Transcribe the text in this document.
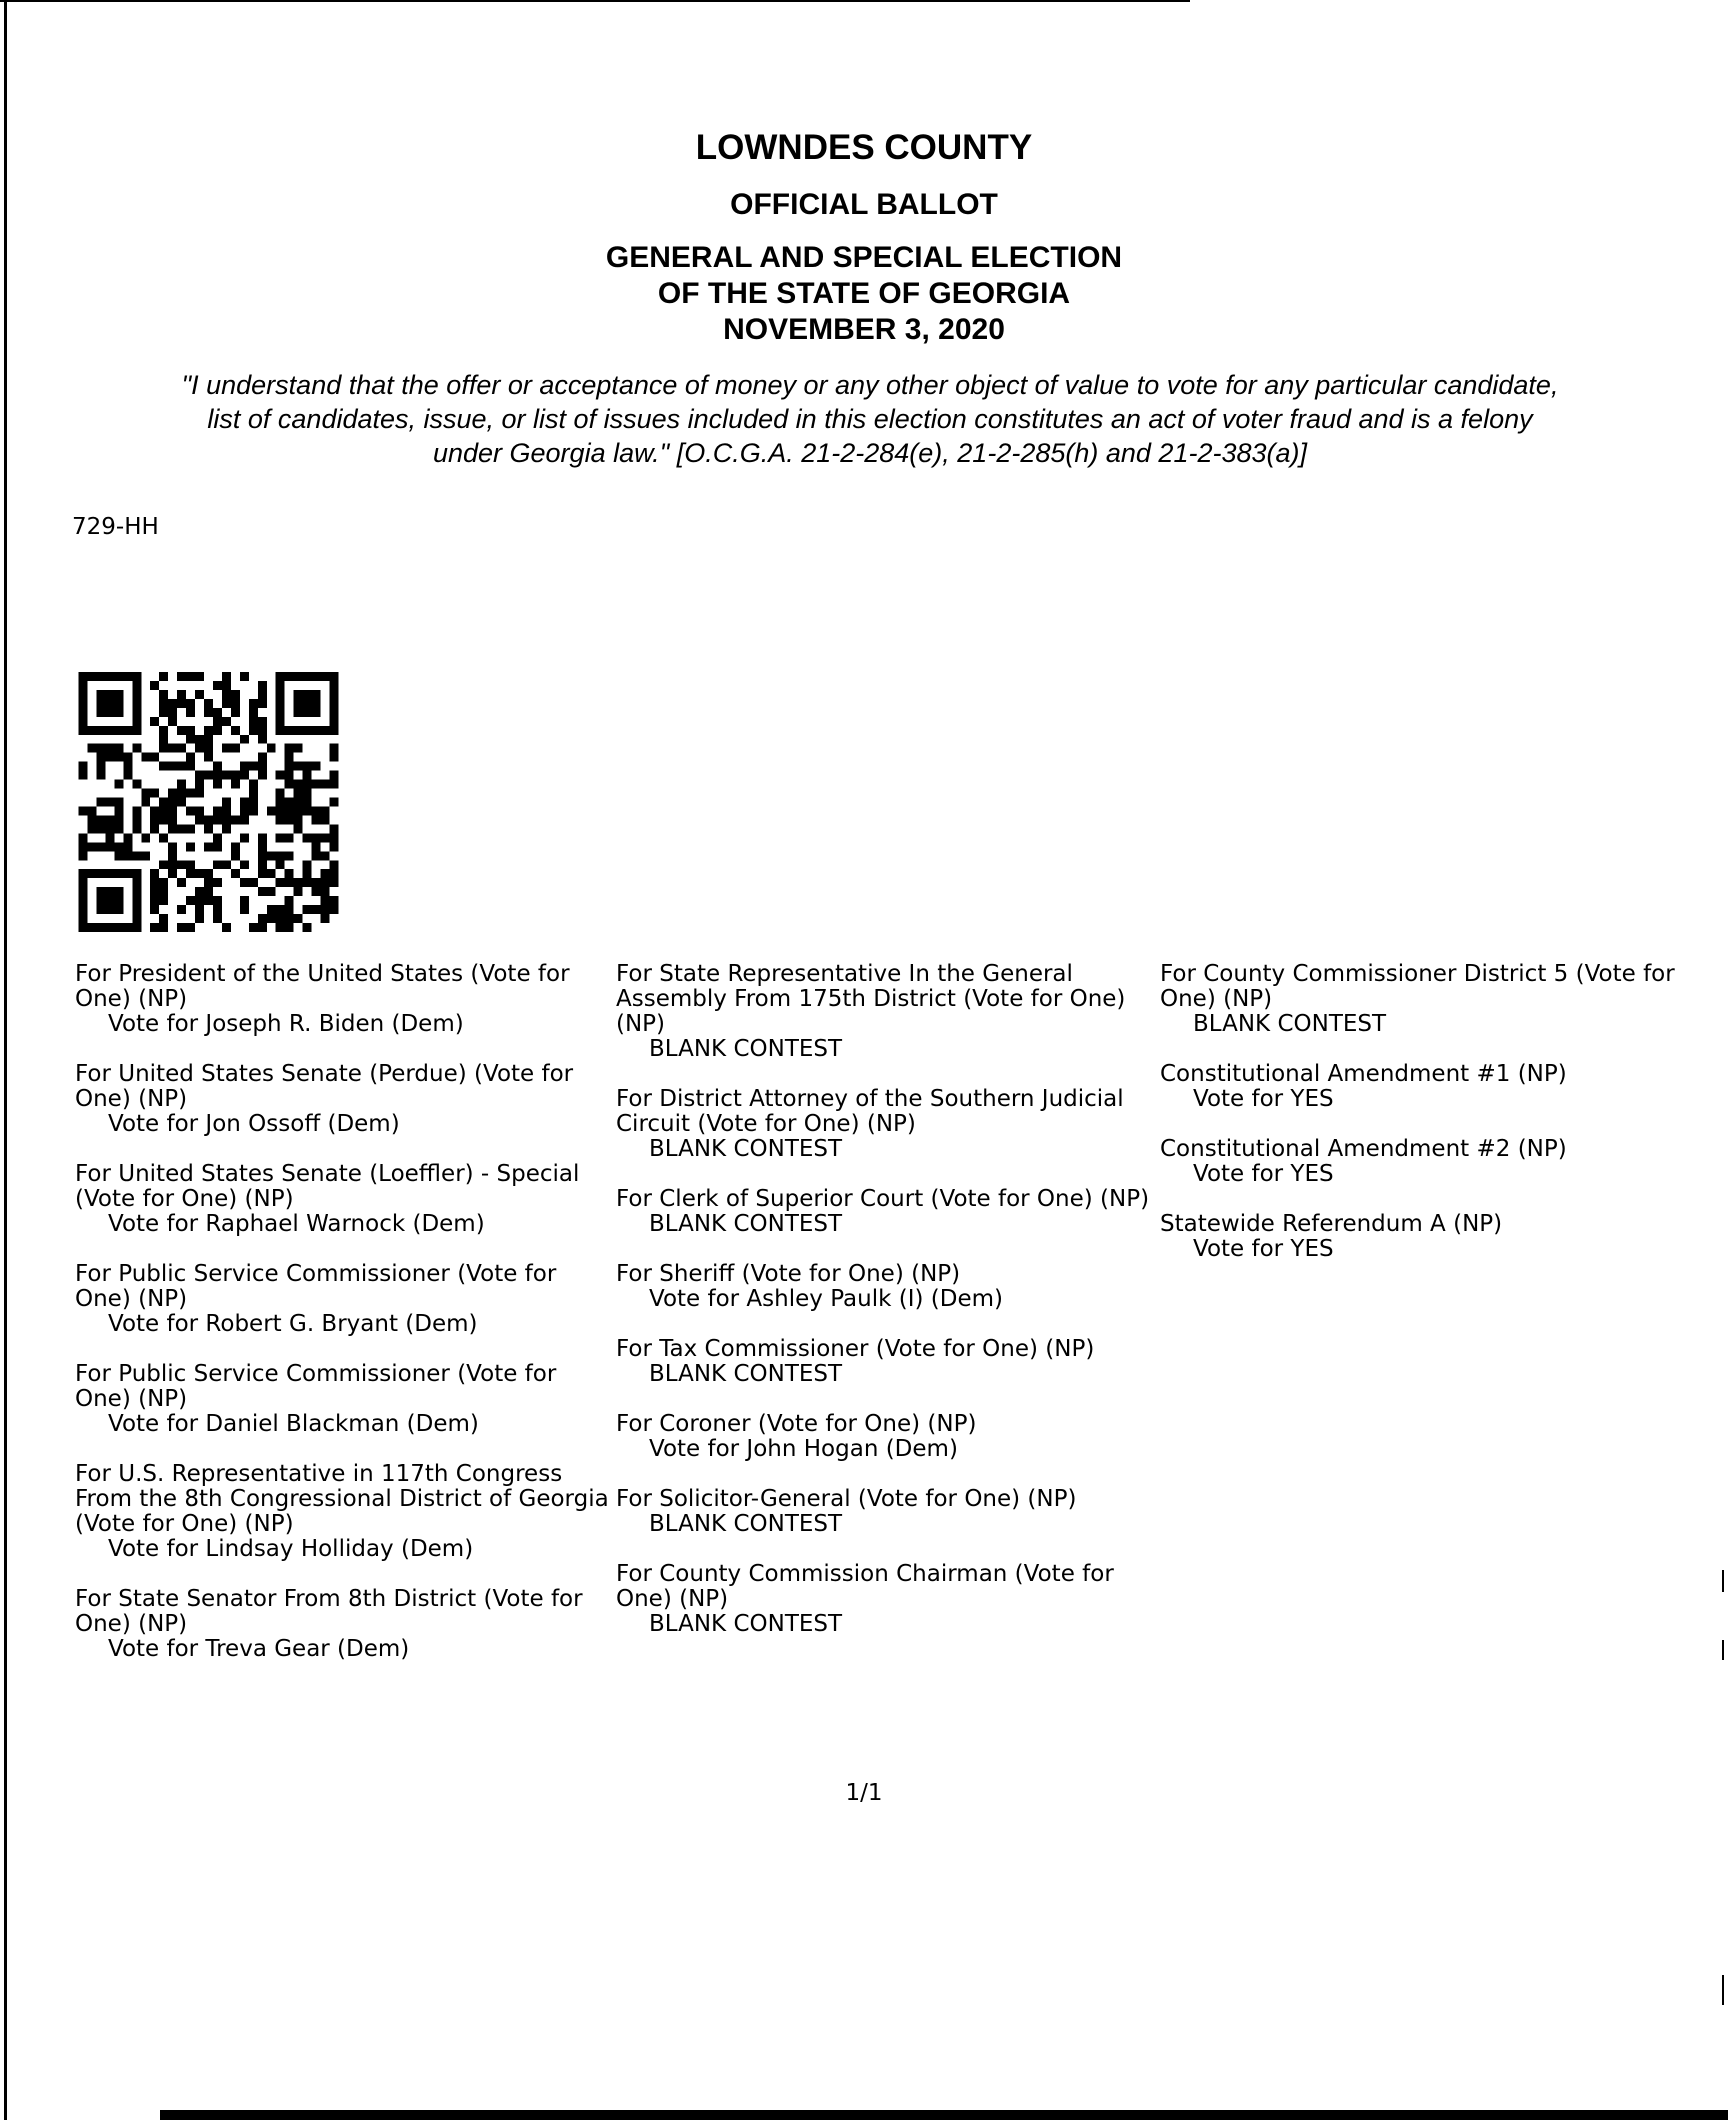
LOWNDES COUNTY
OFFICIAL BALLOT
GENERAL AND SPECIAL ELECTION
OF THE STATE OF GEORGIA
NOVEMBER 3, 2020
"I understand that the offer or acceptance of money or any other object of value to vote for any particular candidate,
list of candidates, issue, or list of issues included in this election constitutes an act of voter fraud and is a felony
under Georgia law." [O.C.G.A. 21-2-284(e), 21-2-285(h) and 21-2-383(a)]
729-HH
For President of the United States (Vote for One) (NP)
Vote for Joseph R. Biden (Dem)
For United States Senate (Perdue) (Vote for One) (NP)
Vote for Jon Ossoff (Dem)
For United States Senate (Loeffler) - Special (Vote for One) (NP)
Vote for Raphael Warnock (Dem)
For Public Service Commissioner (Vote for One) (NP)
Vote for Robert G. Bryant (Dem)
For Public Service Commissioner (Vote for One) (NP)
Vote for Daniel Blackman (Dem)
For U.S. Representative in 117th Congress From the 8th Congressional District of Georgia (Vote for One) (NP)
Vote for Lindsay Holliday (Dem)
For State Senator From 8th District (Vote for One) (NP)
Vote for Treva Gear (Dem)
For State Representative In the General Assembly From 175th District (Vote for One) (NP)
BLANK CONTEST
For District Attorney of the Southern Judicial Circuit (Vote for One) (NP)
BLANK CONTEST
For Clerk of Superior Court (Vote for One) (NP)
BLANK CONTEST
For Sheriff (Vote for One) (NP)
Vote for Ashley Paulk (I) (Dem)
For Tax Commissioner (Vote for One) (NP)
BLANK CONTEST
For Coroner (Vote for One) (NP)
Vote for John Hogan (Dem)
For Solicitor-General (Vote for One) (NP)
BLANK CONTEST
For County Commission Chairman (Vote for One) (NP)
BLANK CONTEST
For County Commissioner District 5 (Vote for One) (NP)
BLANK CONTEST
Constitutional Amendment #1 (NP)
Vote for YES
Constitutional Amendment #2 (NP)
Vote for YES
Statewide Referendum A (NP)
Vote for YES
1/1
